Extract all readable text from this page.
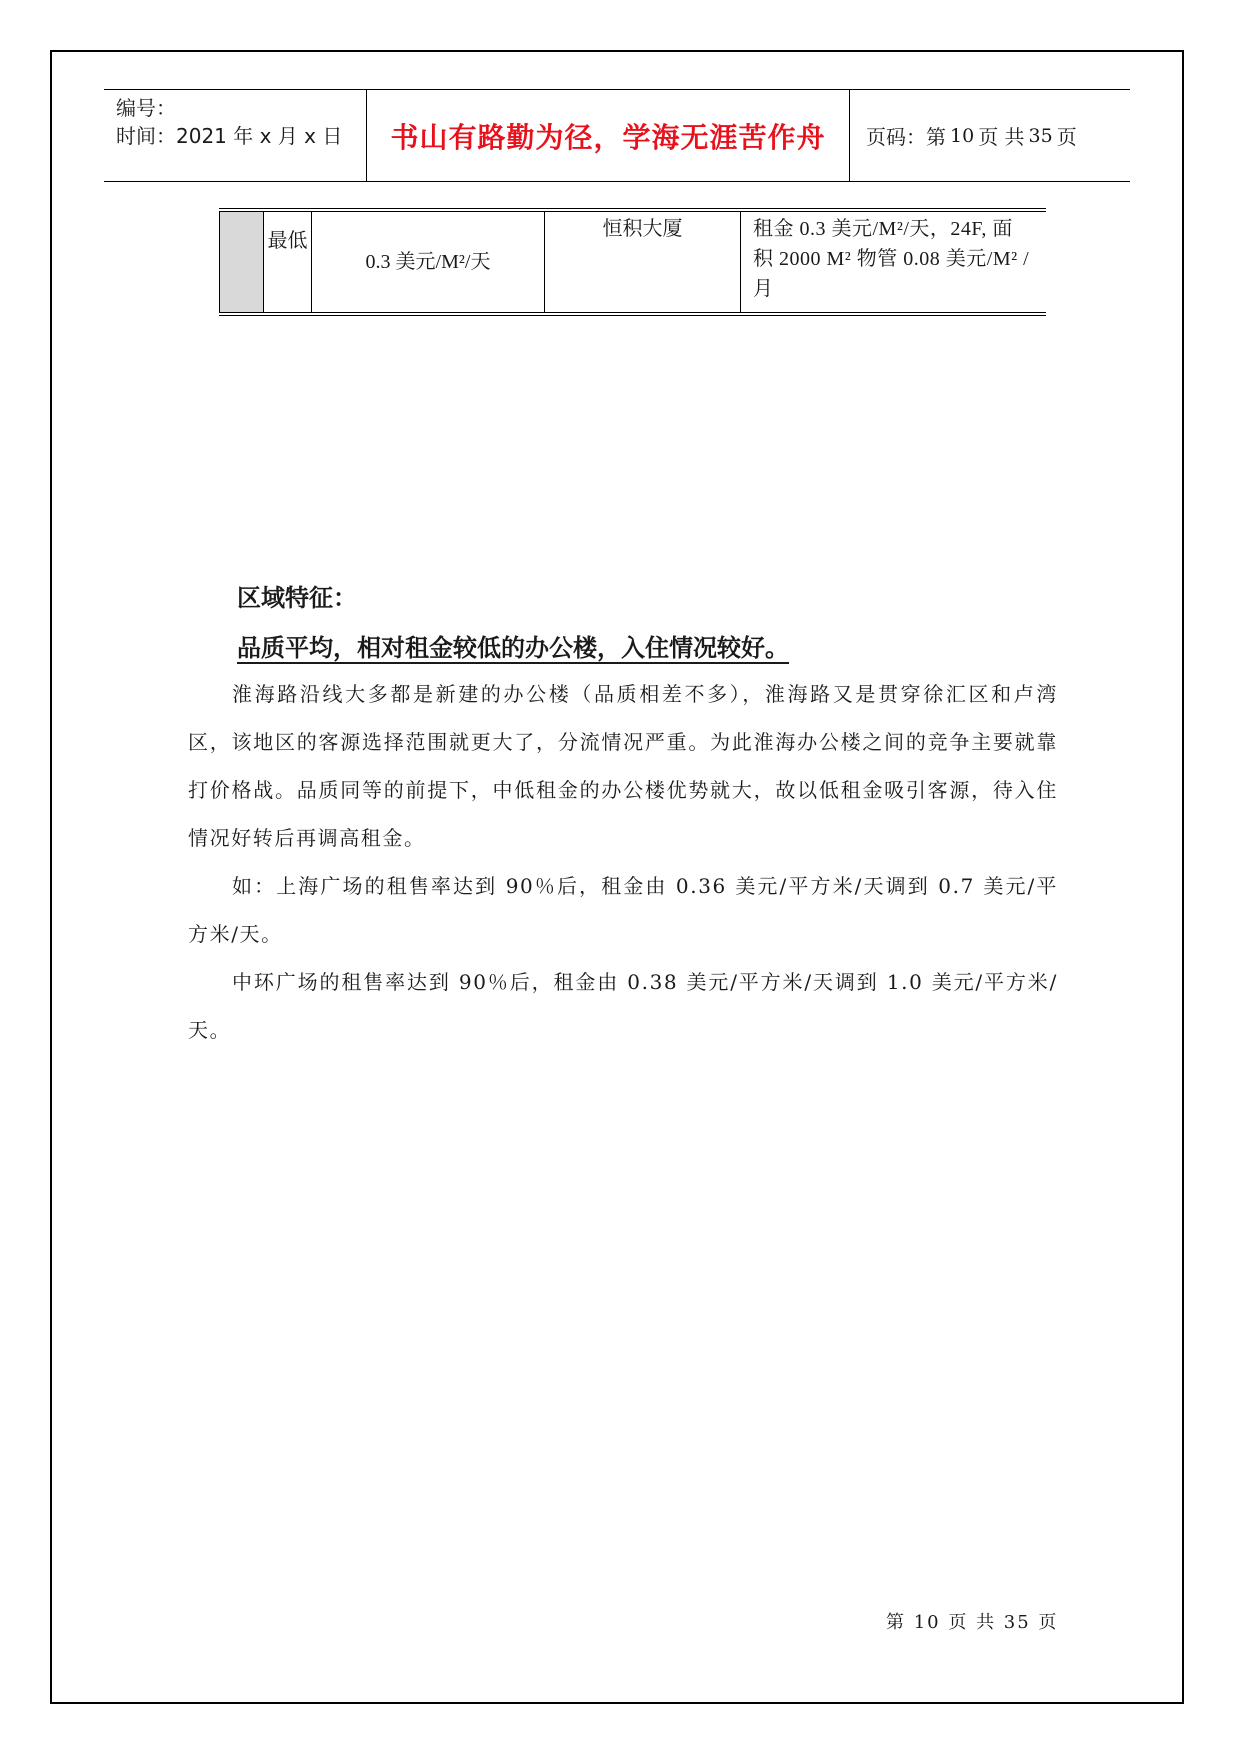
编号：
时间：2021 年 x 月 x 日	书山有路勤为径，学海无涯苦作舟	页码：第 10 页 共 35 页
	最低	0.3 美元/M²/天	恒积大厦	租金 0.3 美元/M²/天，24F, 面
积 2000 M² 物管 0.08 美元/M² /
月
区域特征：
品质平均，相对租金较低的办公楼，入住情况较好。

淮海路沿线大多都是新建的办公楼（品质相差不多），淮海路又是贯穿徐汇区和卢湾区，该地区的客源选择范围就更大了，分流情况严重。为此淮海办公楼之间的竞争主要就靠打价格战。品质同等的前提下，中低租金的办公楼优势就大，故以低租金吸引客源，待入住情况好转后再调高租金。

如：上海广场的租售率达到 90％后，租金由 0.36 美元/平方米/天调到 0.7 美元/平方米/天。

中环广场的租售率达到 90％后，租金由 0.38 美元/平方米/天调到 1.0 美元/平方米/天。

第 10 页 共 35 页
